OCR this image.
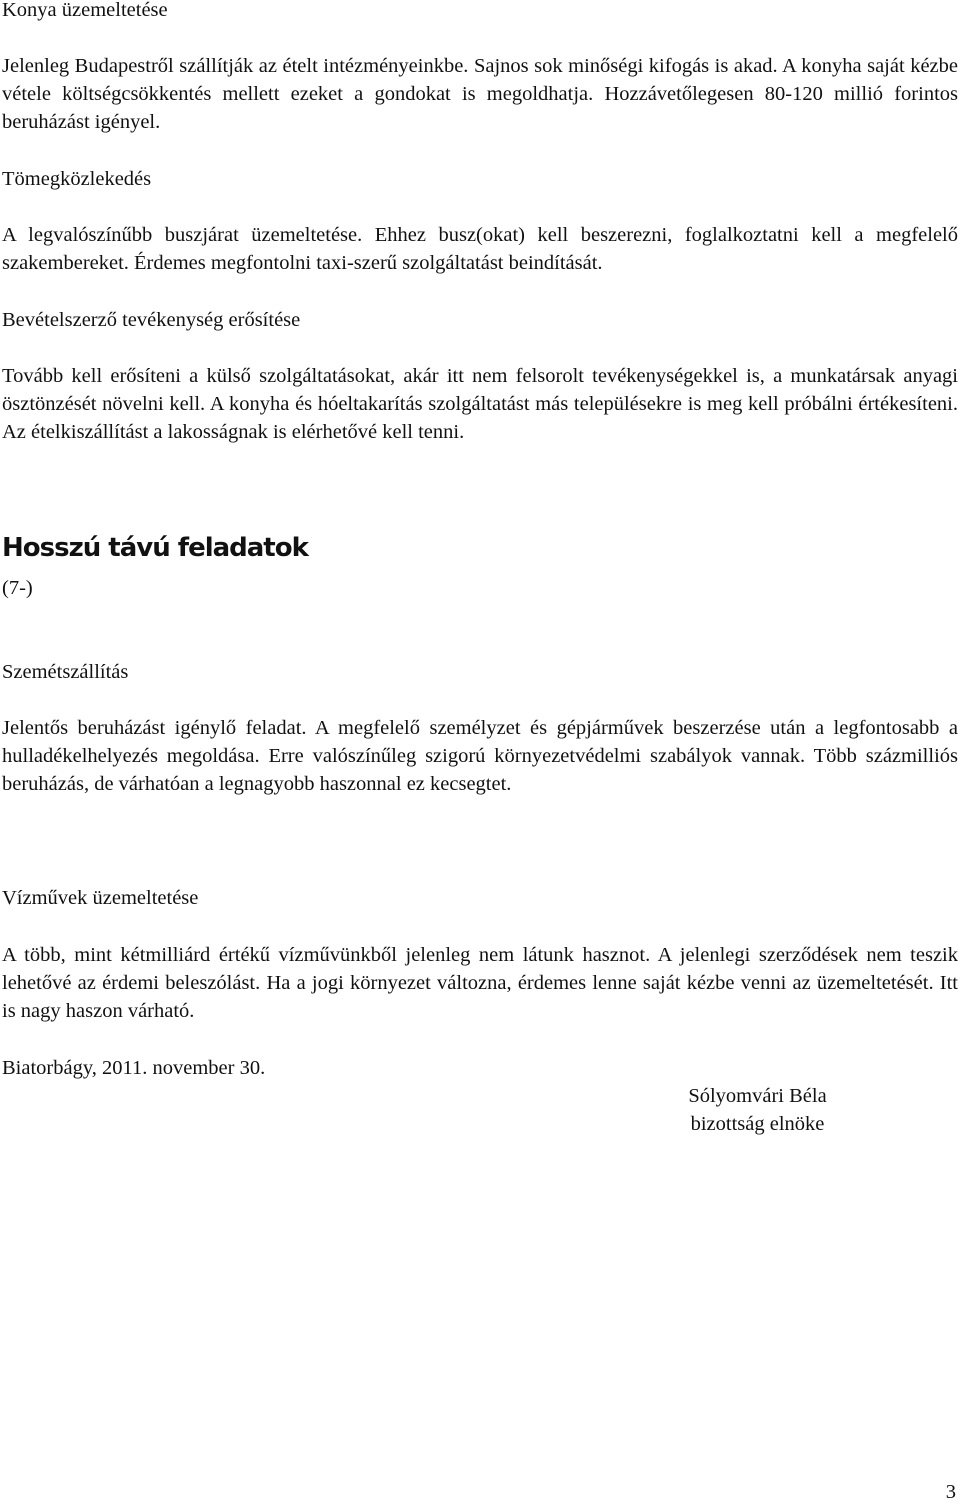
Konya üzemeltetése

Jelenleg Budapestről szállítják az ételt intézményeinkbe. Sajnos sok minőségi kifogás is akad. A konyha saját kézbe vétele költségcsökkentés mellett ezeket a gondokat is megoldhatja. Hozzávetőlegesen 80-120 millió forintos beruházást igényel.

Tömegközlekedés

A legvalószínűbb buszjárat üzemeltetése. Ehhez busz(okat) kell beszerezni, foglalkoztatni kell a megfelelő szakembereket. Érdemes megfontolni taxi-szerű szolgáltatást beindítását.

Bevételszerző tevékenység erősítése

Tovább kell erősíteni a külső szolgáltatásokat, akár itt nem felsorolt tevékenységekkel is, a munkatársak anyagi ösztönzését növelni kell. A konyha és hóeltakarítás szolgáltatást más településekre is meg kell próbálni értékesíteni. Az ételkiszállítást a lakosságnak is elérhetővé kell tenni.

Hosszú távú feladatok

(7-)

Szemétszállítás

Jelentős beruházást igénylő feladat. A megfelelő személyzet és gépjárművek beszerzése után a legfontosabb a hulladékelhelyezés megoldása. Erre valószínűleg szigorú környezetvédelmi szabályok vannak. Több százmilliós beruházás, de várhatóan a legnagyobb haszonnal ez kecsegtet.

Vízművek üzemeltetése

A több, mint kétmilliárd értékű vízművünkből jelenleg nem látunk hasznot. A jelenlegi szerződések nem teszik lehetővé az érdemi beleszólást. Ha a jogi környezet változna, érdemes lenne saját kézbe venni az üzemeltetését. Itt is nagy haszon várható.

Biatorbágy, 2011. november 30.

Sólyomvári Béla
bizottság elnöke
3
